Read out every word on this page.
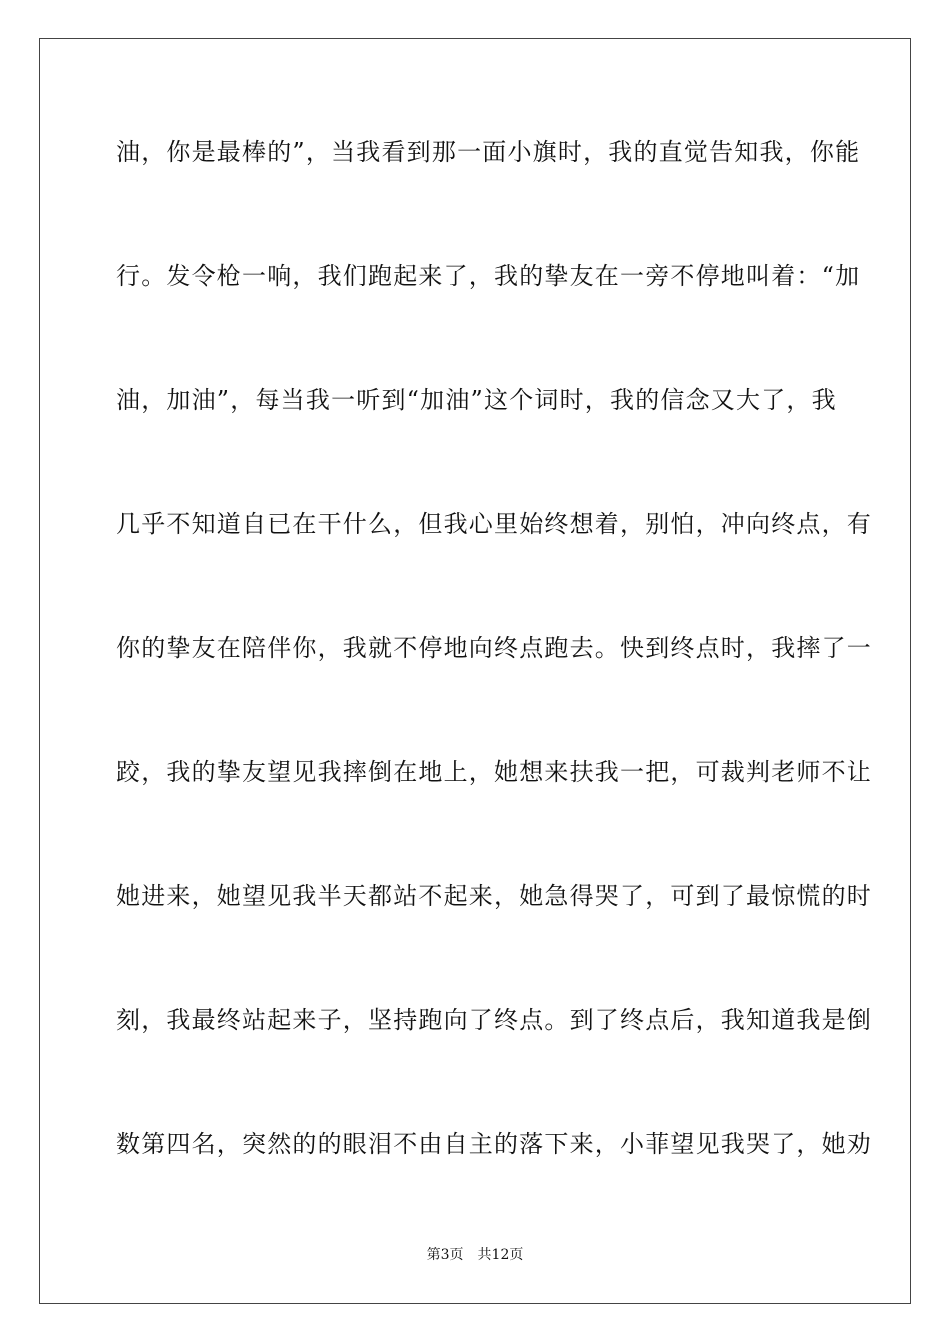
油，你是最棒的”，当我看到那一面小旗时，我的直觉告知我，你能
行。发令枪一响，我们跑起来了，我的挚友在一旁不停地叫着：“加
油，加油”，每当我一听到“加油”这个词时，我的信念又大了，我
几乎不知道自已在干什么，但我心里始终想着，别怕，冲向终点，有
你的挚友在陪伴你，我就不停地向终点跑去。快到终点时，我摔了一
跤，我的挚友望见我摔倒在地上，她想来扶我一把，可裁判老师不让
她进来，她望见我半天都站不起来，她急得哭了，可到了最惊慌的时
刻，我最终站起来子，坚持跑向了终点。到了终点后，我知道我是倒
数第四名，突然的的眼泪不由自主的落下来，小菲望见我哭了，她劝
第3页 共12页
